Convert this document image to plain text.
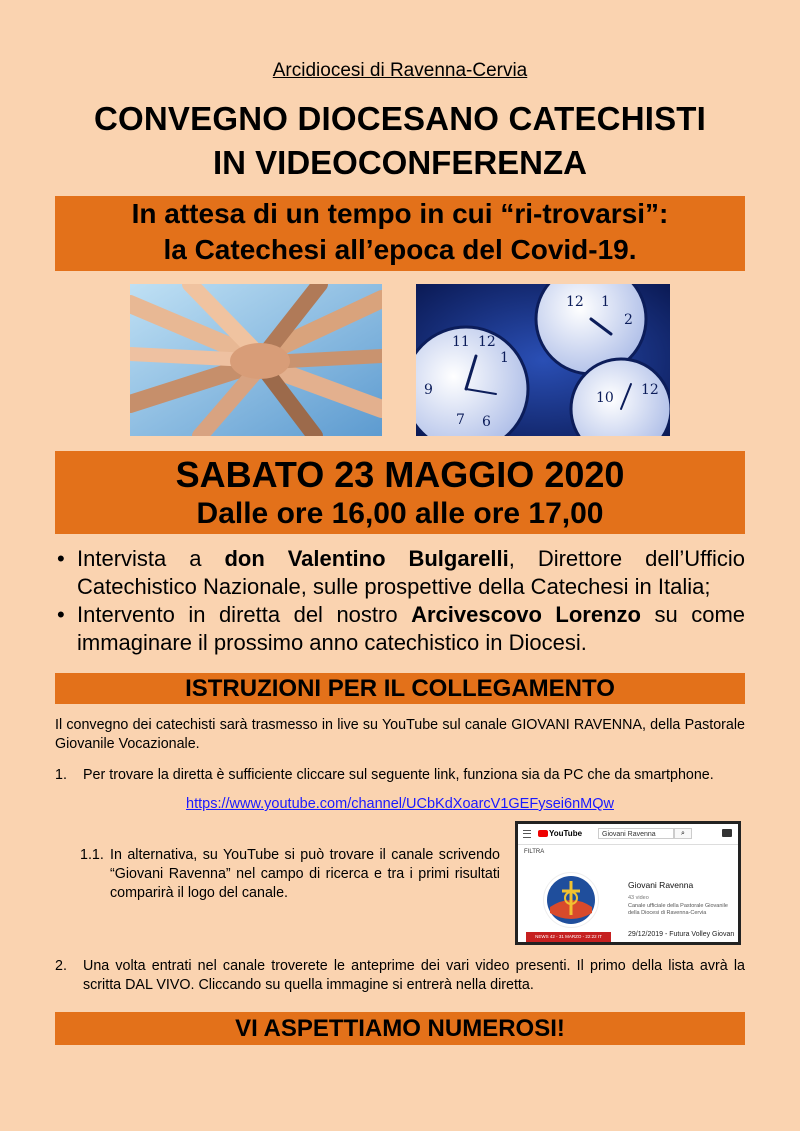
Arcidiocesi di Ravenna-Cervia
CONVEGNO DIOCESANO CATECHISTI
IN VIDEOCONFERENZA
In attesa di un tempo in cui “ri-trovarsi”:
la Catechesi all’epoca del Covid-19.
11 12
1
9
7 6
12 1
2
12
10
SABATO 23 MAGGIO 2020
Dalle ore 16,00 alle ore 17,00
• Intervista a don Valentino Bulgarelli, Direttore dell’Ufficio Catechistico Nazionale, sulle prospettive della Catechesi in Italia;
• Intervento in diretta del nostro Arcivescovo Lorenzo su come immaginare il prossimo anno catechistico in Diocesi.
ISTRUZIONI PER IL COLLEGAMENTO
Il convegno dei catechisti sarà trasmesso in live su YouTube sul canale GIOVANI RAVENNA, della Pastorale Giovanile Vocazionale.
1. Per trovare la diretta è sufficiente cliccare sul seguente link, funziona sia da PC che da smartphone.
https://www.youtube.com/channel/UCbKdXoarcV1GEFysei6nMQw
1.1. In alternativa, su YouTube si può trovare il canale scrivendo “Giovani Ravenna” nel campo di ricerca e tra i primi risultati comparirà il logo del canale.
YouTube	Giovani Ravenna	⌕
FILTRA
Giovani Ravenna
43 video
Canale ufficiale della Pastorale Giovanile della Diocesi di Ravenna-Cervia
NEWS 42 - 31 MARZO - 22:22 IT	29/12/2019 - Futura Volley Giovan
2.	Una volta entrati nel canale troverete le anteprime dei vari video presenti. Il primo della lista avrà la scritta DAL VIVO. Cliccando su quella immagine si entrerà nella diretta.
VI ASPETTIAMO NUMEROSI!
